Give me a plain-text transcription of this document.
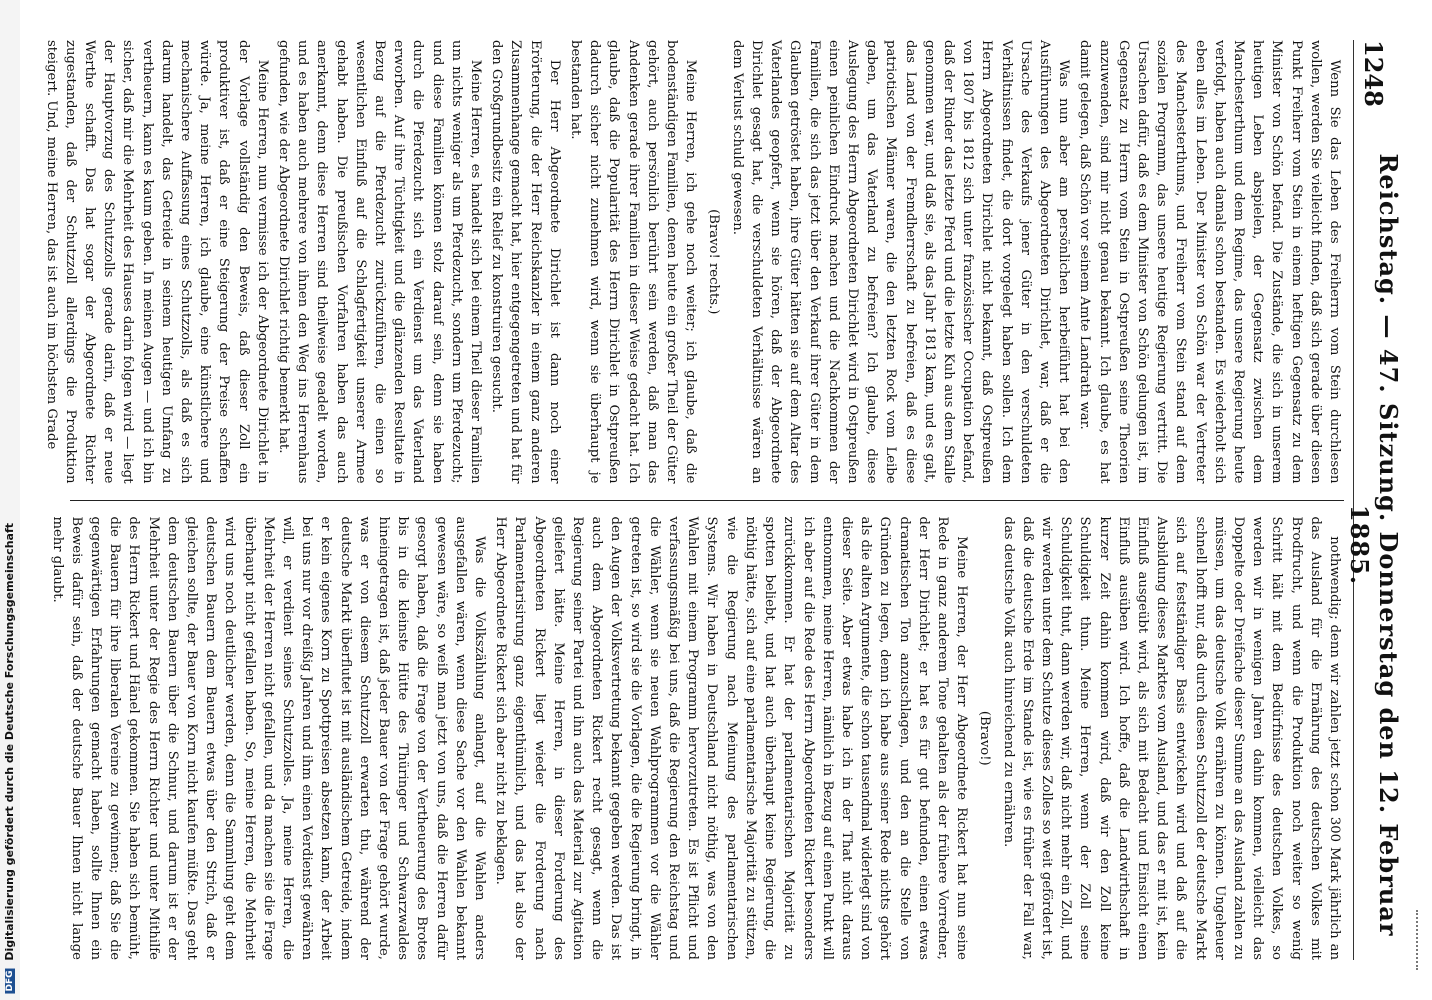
DFG Digitalisierung gefördert durch die Deutsche Forschungsgemeinschaft
1248
Reichstag. — 47. Sitzung. Donnerstag den 12. Februar 1885.

Wenn Sie das Leben des Freiherrn vom Stein durchlesen wollen, werden Sie vielleicht finden, daß sich gerade über diesen Punkt Freiherr vom Stein in einem heftigen Gegensatz zu dem Minister von Schön befand. Die Zustände, die sich in unserem heutigen Leben abspielen, der Gegensatz zwischen dem Manchesterthum und dem Regime, das unsere Regierung heute verfolgt, haben auch damals schon bestanden. Es wiederholt sich eben alles im Leben. Der Minister von Schön war der Vertreter des Manchesterthums, und Freiherr vom Stein stand auf dem sozialen Programm, das unsere heutige Regierung vertritt. Die Ursachen dafür, daß es dem Minister von Schön gelungen ist, im Gegensatz zu Herrn vom Stein in Ostpreußen seine Theorien anzuwenden, sind mir nicht genau bekannt. Ich glaube, es hat damit gelegen, daß Schön vor seinem Amte Landrath war.

Was nun aber am persönlichen herbeiführt hat bei den Ausführungen des Abgeordneten Dirichlet, war, daß er die Ursache des Verkaufs jener Güter in den verschuldeten Verhältnissen findet, die dort vorgelegt haben sollen. Ich dem Herrn Abgeordneten Dirichlet nicht bekannt, daß Ostpreußen von 1807 bis 1812 sich unter französischer Occupation befand, daß der Rinder das letzte Pferd und die letzte Kuh aus dem Stalle genommen war, und daß sie, als das Jahr 1813 kam, und es galt, das Land von der Fremdherrschaft zu befreien, daß es diese patriotischen Männer waren, die den letzten Rock vom Leibe gaben, um das Vaterland zu befreien? Ich glaube, diese Auslegung des Herrn Abgeordneten Dirichlet wird in Ostpreußen einen peinlichen Eindruck machen und die Nachkommen der Familien, die sich das jetzt über den Verkauf ihrer Güter in dem Glauben getröstet haben, ihre Güter hätten sie auf dem Altar des Vaterlandes geopfert, wenn sie hören, daß der Abgeordnete Dirichlet gesagt hat, die verschuldeten Verhältnisse wären an dem Verlust schuld gewesen.

(Bravo! rechts.)

Meine Herren, ich gehe noch weiter; ich glaube, daß die bodenständigen Familien, denen heute ein großer Theil der Güter gehört, auch persönlich berührt sein werden, daß man das Andenken gerade ihrer Familien in dieser Weise gedacht hat. Ich glaube, daß die Popularität des Herrn Dirichlet in Ostpreußen dadurch sicher nicht zunehmen wird, wenn sie überhaupt je bestanden hat.

Der Herr Abgeordnete Dirichlet ist dann noch einer Erörterung, die der Herr Reichskanzler in einem ganz anderen Zusammenhange gemacht hat, hier entgegengetreten und hat für den Großgrundbesitz ein Relief zu konstruiren gesucht.

Meine Herren, es handelt sich bei einem Theil dieser Familien um nichts weniger als um Pferdezucht, sondern um Pferdezucht; und diese Familien können stolz darauf sein, denn sie haben durch die Pferdezucht sich ein Verdienst um das Vaterland erworben. Auf ihre Tüchtigkeit und die glänzenden Resultate in Bezug auf die Pferdezucht zurückzuführen, die einen so wesentlichen Einfluß auf die Schlagfertigkeit unserer Armee gehabt haben. Die preußischen Vorfahren haben das auch anerkannt, denn diese Herren sind theilweise geadelt worden, und es haben auch mehrere von ihnen den Weg ins Herrenhaus gefunden, wie der Abgeordnete Dirichlet richtig bemerkt hat.

Meine Herren, nun vermisse ich der Abgeordnete Dirichlet in der Vorlage vollständig den Beweis, daß dieser Zoll ein produktiver ist, daß er eine Steigerung der Preise schaffen würde. Ja, meine Herren, ich glaube, eine künstlichere und mechanischere Auffassung eines Schutzzolls, als daß es sich darum handelt, das Getreide in seinem heutigen Umfang zu vertheuern, kann es kaum geben. In meinen Augen — und ich bin sicher, daß mir die Mehrheit des Hauses darin folgen wird — liegt der Hauptvorzug des Schutzzolls gerade darin, daß er neue Werthe schafft. Das hat sogar der Abgeordnete Richter zugestanden, daß der Schutzzoll allerdings die Produktion steigert. Und, meine Herren, das ist auch im höchsten Grade

nothwendig; denn wir zahlen jetzt schon 300 Mark jährlich an das Ausland für die Ernährung des deutschen Volkes mit Brodfrucht, und wenn die Produktion noch weiter so wenig Schritt hält mit dem Bedürfnisse des deutschen Volkes, so werden wir in wenigen Jahren dahin kommen, vielleicht das Doppelte oder Dreifache dieser Summe an das Ausland zahlen zu müssen, um das deutsche Volk ernähren zu können. Ungeheuer schnell hofft nur, daß durch diesen Schutzzoll der deutsche Markt sich auf festständiger Basis entwickeln wird und daß auf die Ausbildung dieses Marktes vom Ausland, und das er mit ist, kein Einfluß ausgeübt wird, als sich mit Bedacht und Einsicht einen Einfluß ausüben wird. Ich hoffe, daß die Landwirthschaft in kurzer Zeit dahin kommen wird, daß wir den Zoll keine Schuldigkeit thun. Meine Herren, wenn der Zoll seine Schuldigkeit thut, dann werden wir, daß nicht mehr ein Zoll, und wir werden unter dem Schutze dieses Zolles so weit gefördert ist, daß die deutsche Erde im Stande ist, wie es früher der Fall war, das deutsche Volk auch hinreichend zu ernähren.

(Bravo!)

Meine Herren, der Herr Abgeordnete Rickert hat nun seine Rede in ganz anderem Tone gehalten als der frühere Vorredner, der Herr Dirichlet; er hat es für gut befunden, einen etwas dramatischen Ton anzuschlagen, und den an die Stelle von Gründen zu legen, denn ich habe aus seiner Rede nichts gehört als die alten Argumente, die schon tausendmal widerlegt sind von dieser Seite. Aber etwas habe ich in der That nicht daraus entnommen, meine Herren, nämlich in Bezug auf einen Punkt will ich aber auf die Rede des Herrn Abgeordneten Rickert besonders zurückkommen. Er hat der parlamentarischen Majorität zu spotten beliebt, und hat auch überhaupt keine Regierung, die nöthig hätte, sich auf eine parlamentarische Majorität zu stützen, wie die Regierung nach Meinung des parlamentarischen Systems. Wir haben in Deutschland nicht nöthig, was von den Wahlen mit einem Programm hervorzutreten. Es ist Pflicht und verfassungsmäßig bei uns, daß die Regierung den Reichstag und die Wähler, wenn sie neuen Wahlprogrammen vor die Wähler getreten ist, so wird sie die Vorlagen, die die Regierung bringt, in den Augen der Volksvertretung bekannt gegeben werden. Das ist auch dem Abgeordneten Rickert recht gesagt, wenn die Regierung seiner Partei und ihn auch das Material zur Agitation geliefert hätte. Meine Herren, in dieser Forderung des Abgeordneten Rickert liegt wieder die Forderung nach Parlamentarisirung ganz eigenthümlich, und das hat also der Herr Abgeordnete Rickert sich aber nicht zu beklagen.

Was die Volkszählung anlangt, auf die Wahlen anders ausgefallen wären, wenn diese Sache vor den Wahlen bekannt gewesen wäre, so weiß man jetzt von uns, daß die Herren dafür gesorgt haben, daß die Frage von der Vertheuerung des Brotes bis in die kleinste Hütte des Thüringer und Schwarzwaldes hineingetragen ist, daß jeder Bauer von der Frage gehört wurde, was er von diesem Schutzzoll erwarten thu, während der deutsche Markt überflutet ist mit ausländischem Getreide, indem er kein eigenes Korn zu Spottpreisen absetzen kann, der Arbeit bei uns nur vor dreißig Jahren und ihm einen Verdienst gewähren will, er verdient seines Schutzzolles. Ja, meine Herren, die Mehrheit der Herren nicht gefallen, und da machen sie die Frage überhaupt nicht gefallen haben. So, meine Herren, die Mehrheit wird uns noch deutlicher werden, denn die Sammlung geht dem deutschen Bauern dem Bauern etwas über den Strich, daß er gleichen sollte, der Bauer von Korn nicht kaufen müßte. Das geht dem deutschen Bauern über die Schnur, und darum ist er der Mehrheit unter der Regie des Herrn Richter und unter Mithilfe des Herrn Rickert und Hänel gekommen. Sie haben sich bemüht, die Bauern für ihre liberalen Vereine zu gewinnen; daß Sie die gegenwärtigen Erfahrungen gemacht haben, sollte Ihnen ein Beweis dafür sein, daß der deutsche Bauer Ihnen nicht lange mehr glaubt.
